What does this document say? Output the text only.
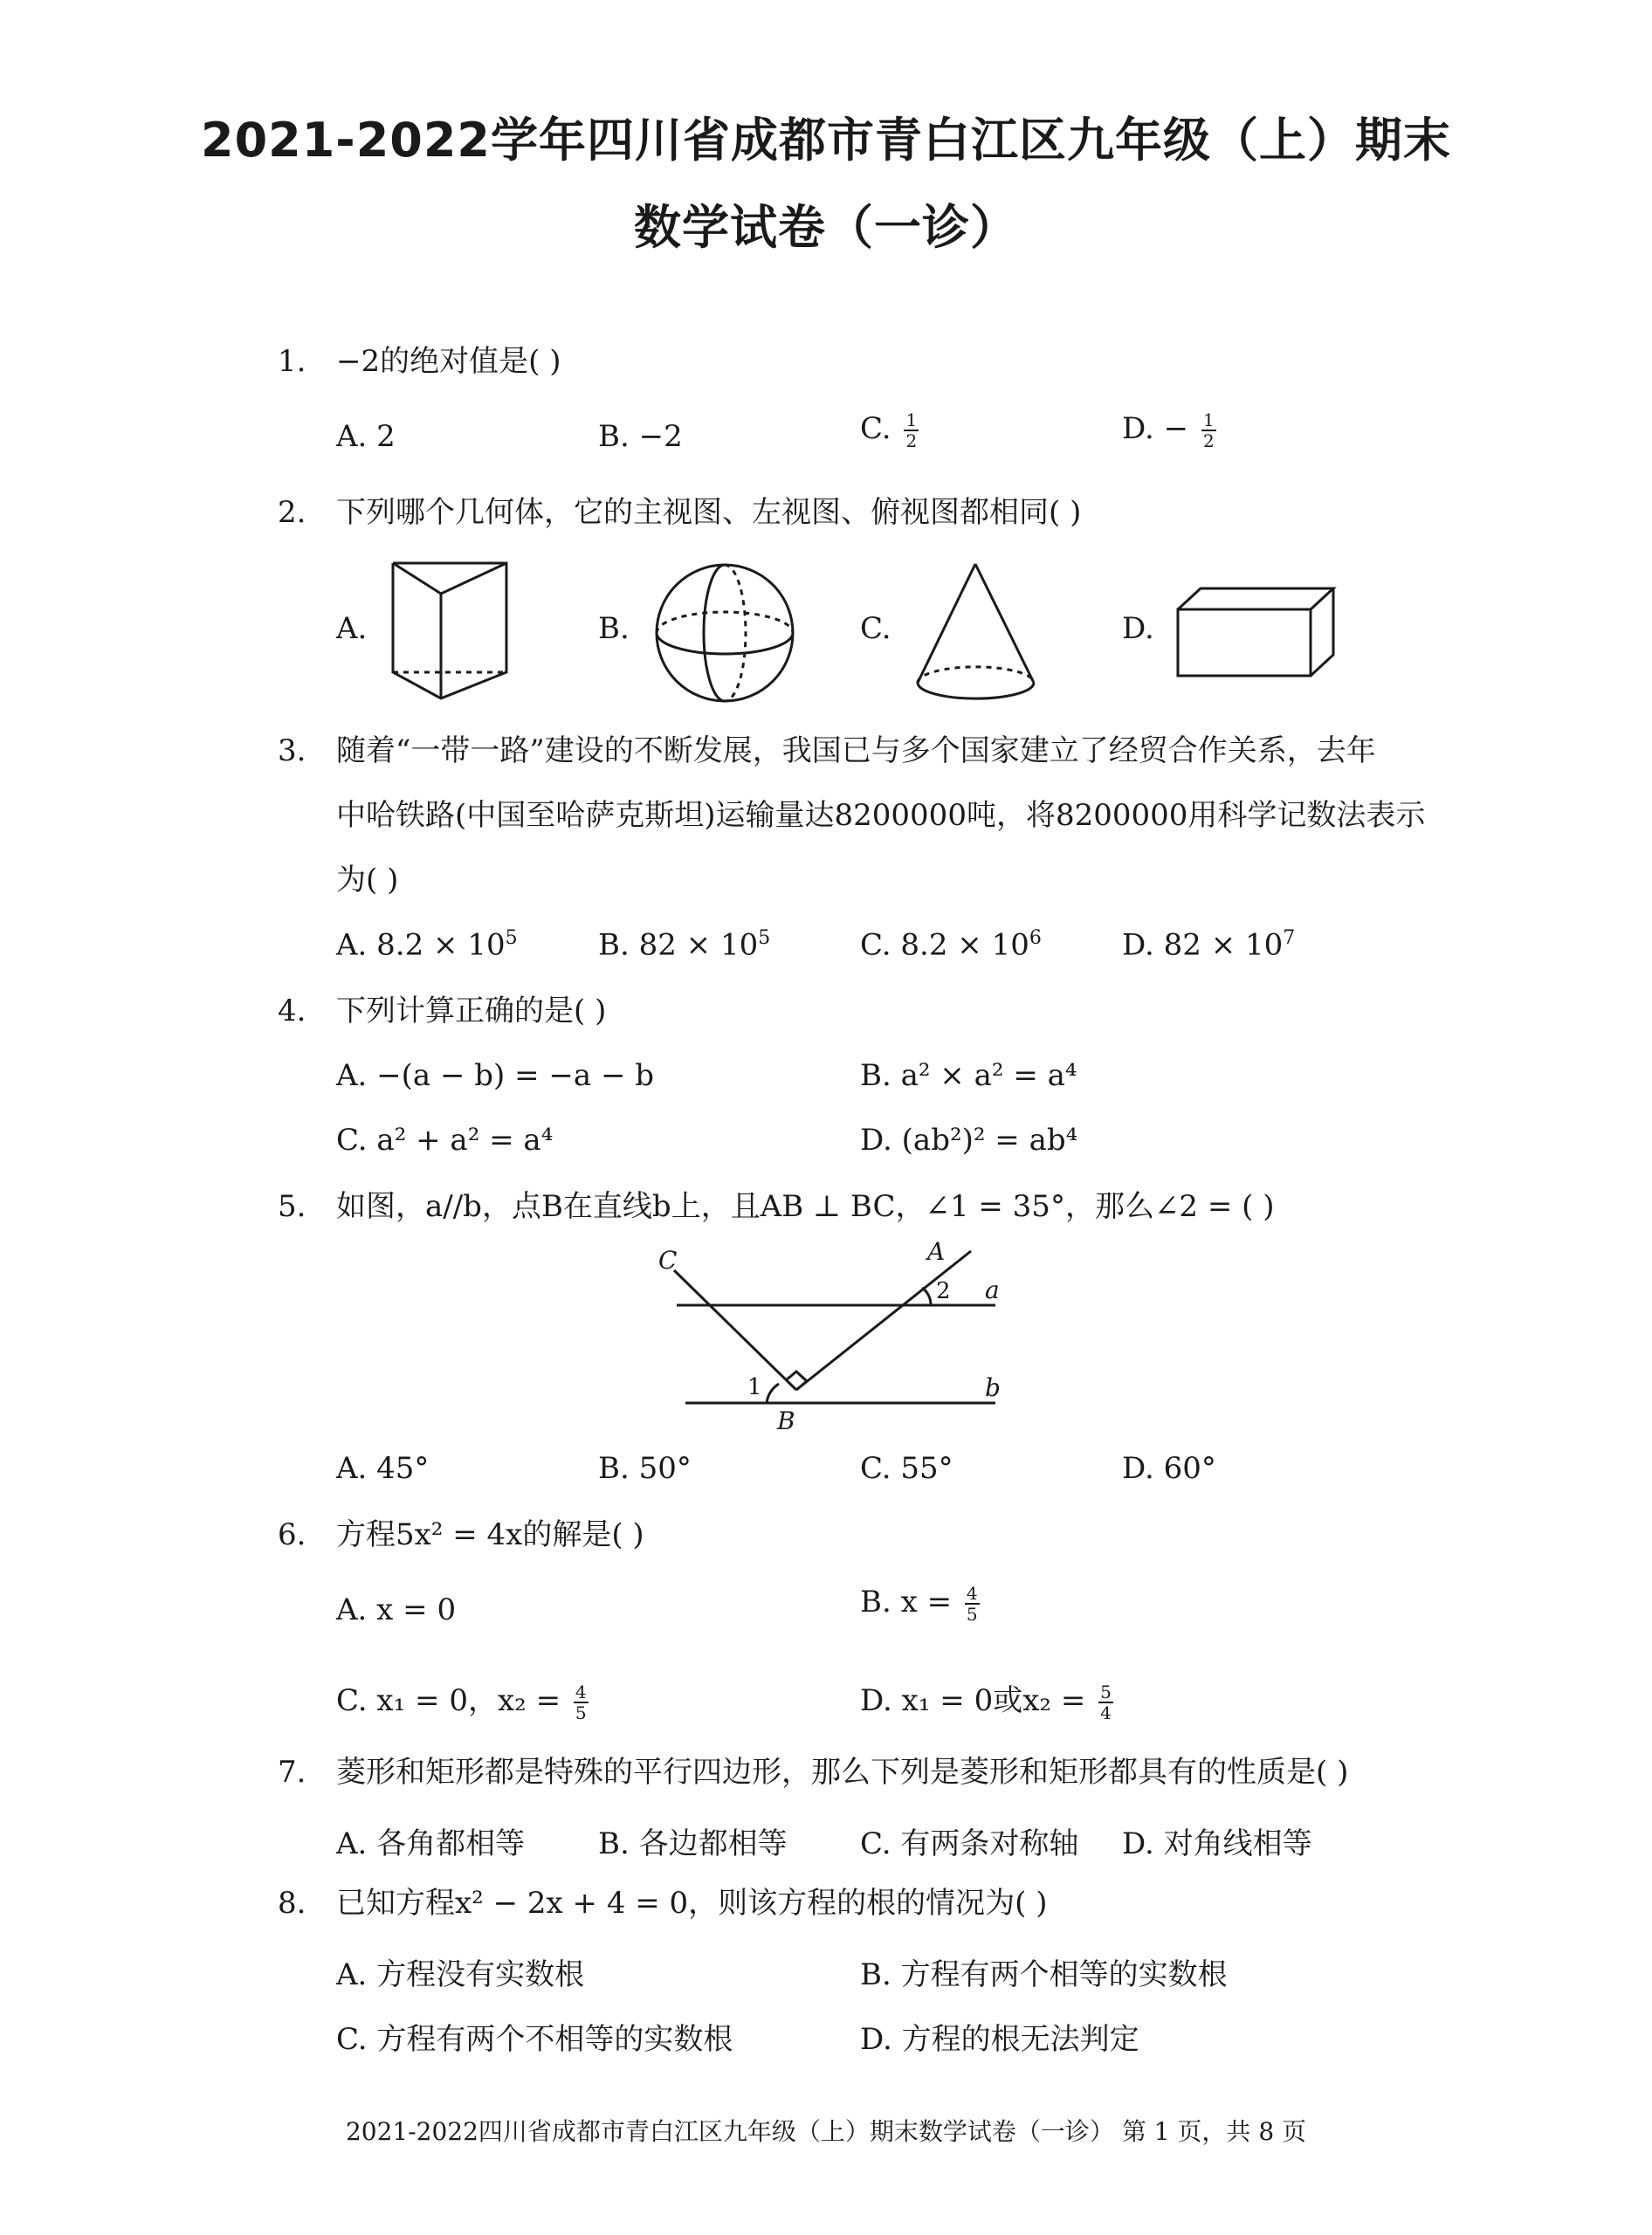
2021-2022学年四川省成都市青白江区九年级（上）期末
数学试卷（一诊）
1.	−2的绝对值是( )
A. 2	B. −2	C. $\frac{1}{2}$	D. − $\frac{1}{2}$
2.	下列哪个几何体，它的主视图、左视图、俯视图都相同( )
A.	B.	C.	D.
3.	随着“一带一路”建设的不断发展，我国已与多个国家建立了经贸合作关系，去年
中哈铁路(中国至哈萨克斯坦)运输量达8200000吨，将8200000用科学记数法表示
为( )
A. $8.2 \times 10^5$	B. $82 \times 10^5$	C. $8.2 \times 10^6$	D. $82 \times 10^7$
4.	下列计算正确的是( )
A. −(a − b) = −a − b	B. a² × a² = a⁴
C. a² + a² = a⁴	D. (ab²)² = ab⁴
5.	如图，a//b，点B在直线b上，且AB ⊥ BC，∠1 = 35°，那么∠2 = ( )
C	A
a
b
B
1
2
A. 45°	B. 50°	C. 55°	D. 60°
6.	方程5x² = 4x的解是( )
A. x = 0	B. $x = \frac{4}{5}$
C. x₁ = 0，$x_2 = \frac{4}{5}$	D. x₁ = 0或$x_2 = \frac{5}{4}$
7.	菱形和矩形都是特殊的平行四边形，那么下列是菱形和矩形都具有的性质是( )
A. 各角都相等 B. 各边都相等 C. 有两条对称轴 D. 对角线相等
8.	已知方程x² − 2x + 4 = 0，则该方程的根的情况为( )
A. 方程没有实数根	B. 方程有两个相等的实数根
C. 方程有两个不相等的实数根	D. 方程的根无法判定
2021-2022四川省成都市青白江区九年级（上）期末数学试卷（一诊） 第 1 页，共 8 页
